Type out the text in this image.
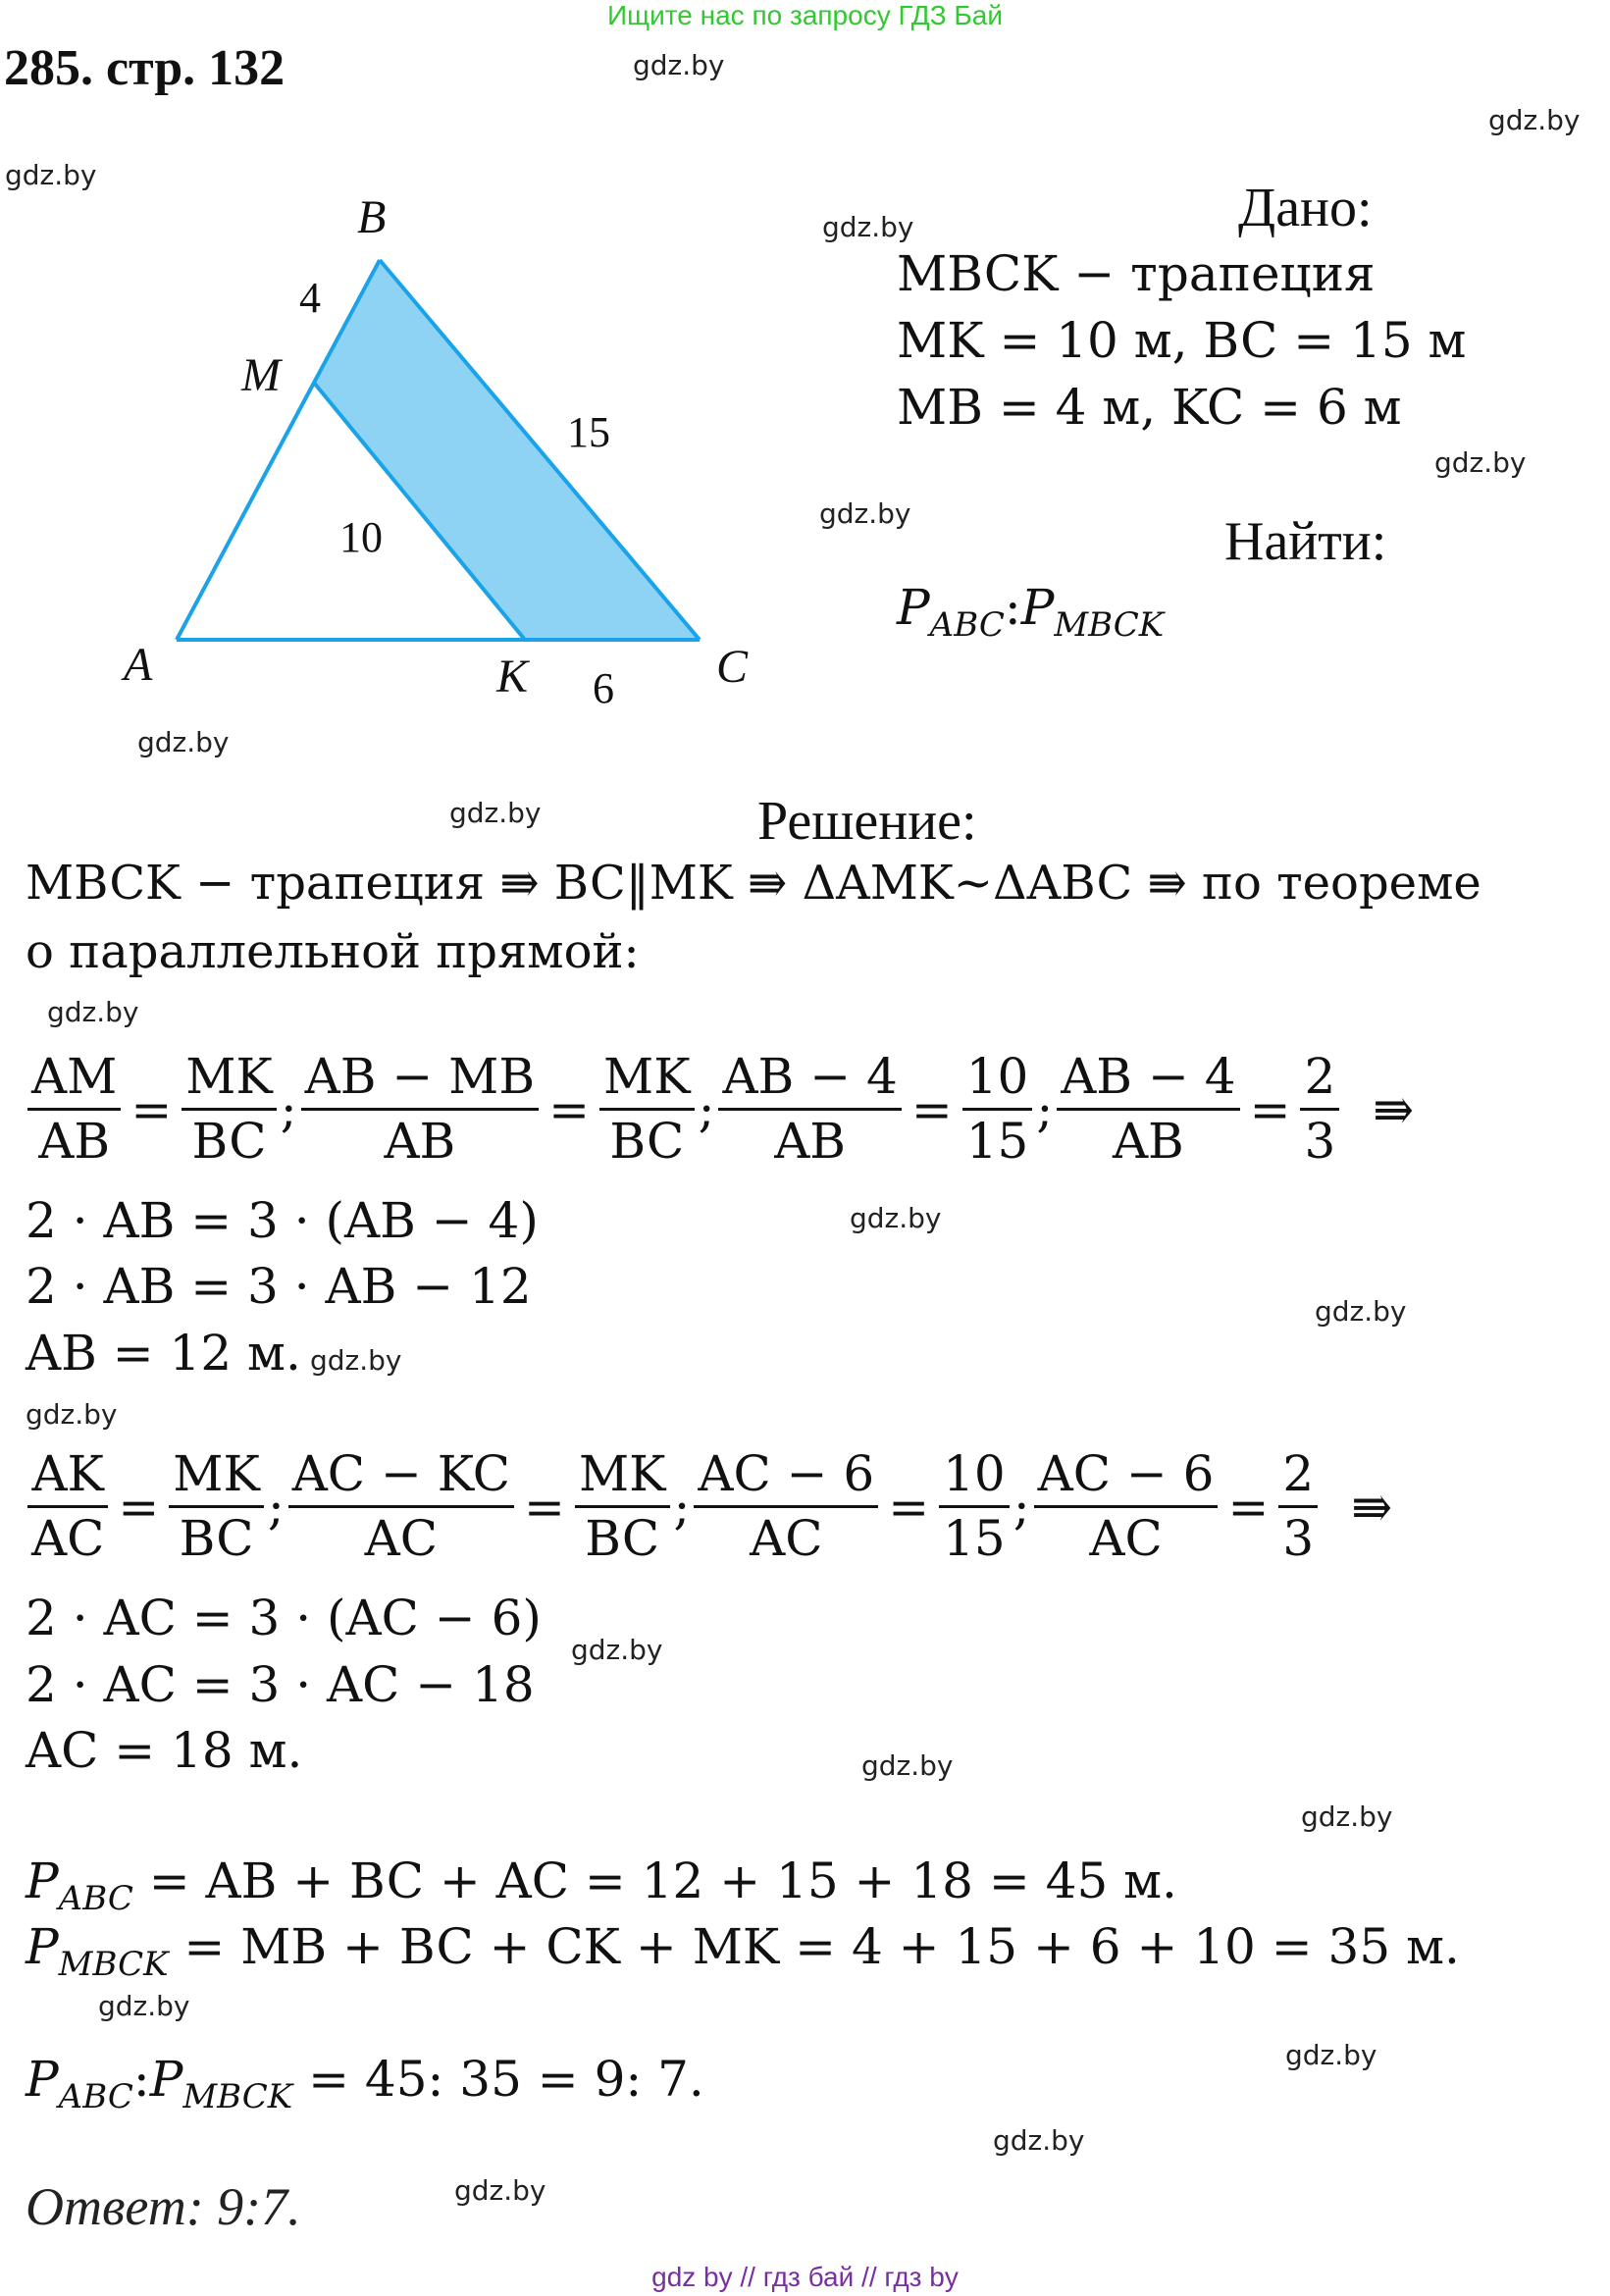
Ищите нас по запросу ГДЗ Бай
285. стр. 132	gdz.by
gdz.by
gdz.by
gdz.by
gdz.by
gdz.by
gdz.by
gdz.by
gdz.by
gdz.by
gdz.by
gdz.by
gdz.by
gdz.by
gdz.by
gdz.by
gdz.by
gdz.by
gdz.by
gdz.by
B
M
A	K	C
4
15
10
6
Дано:
MBCK − трапеция
MK = 10 м, BC = 15 м
MB = 4 м, KC = 6 м
Найти:
$P_{ABC}:P_{MBCK}$
Решение:
MBCK − трапеция ⇛ BC‖MK ⇛ ΔAMK~ΔABC ⇛ по теореме
о параллельной прямой:
$\frac{AM}{AB} = \frac{MK}{BC}$ ; $\frac{AB - MB}{AB} = \frac{MK}{BC}$ ; $\frac{AB - 4}{AB} = \frac{10}{15}$ ; $\frac{AB - 4}{AB} = \frac{2}{3}$ ⇛
2 · AB = 3 · (AB − 4)
2 · AB = 3 · AB − 12
AB = 12 м.
$\frac{AK}{AC} = \frac{MK}{BC}$ ; $\frac{AC - KC}{AC} = \frac{MK}{BC}$ ; $\frac{AC - 6}{AC} = \frac{10}{15}$ ; $\frac{AC - 6}{AC} = \frac{2}{3}$ ⇛
2 · AC = 3 · (AC − 6)
2 · AC = 3 · AC − 18
AC = 18 м.
$P_{ABC}$ = AB + BC + AC = 12 + 15 + 18 = 45 м.
$P_{MBCK}$ = MB + BC + CK + MK = 4 + 15 + 6 + 10 = 35 м.
$P_{ABC}:P_{MBCK} = 45$: 35 = 9: 7.
Ответ: 9:7.
gdz by // гдз бай // гдз by
